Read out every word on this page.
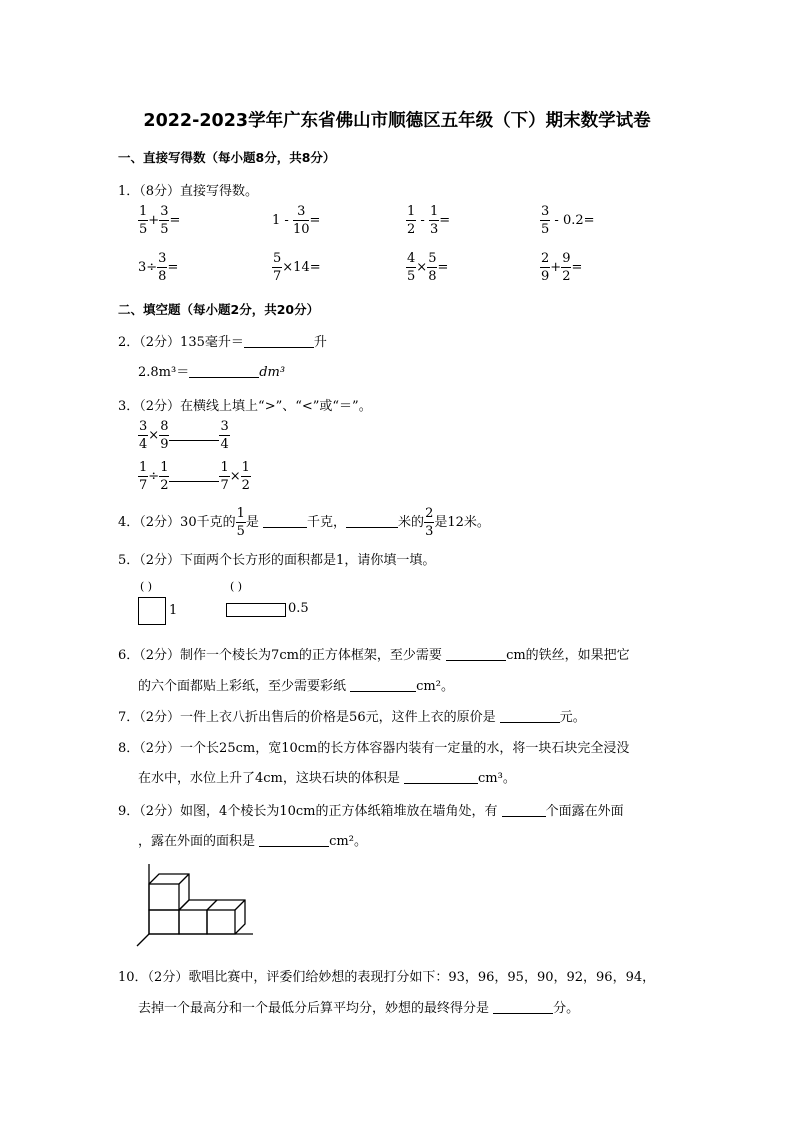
2022-2023学年广东省佛山市顺德区五年级（下）期末数学试卷
一、直接写得数（每小题8分，共8分）
1．（8分）直接写得数。
$\frac{1}{5} + \frac{3}{5}$ =	$1 - \frac{3}{10}$ =	$\frac{1}{2} - \frac{1}{3}$ =	$\frac{3}{5} - 0.2=$
$3\div \frac{3}{8}$ =	$\frac{5}{7} \times 14=$	$\frac{4}{5} \times \frac{5}{8}$ =	$\frac{2}{9} + \frac{9}{2}$ =
二、填空题（每小题2分，共20分）
2．（2分）135毫升＝	升
2.8m³＝	dm³
3．（2分）在横线上填上“>”、“<”或“＝”。
$\frac{3}{4} \times \frac{8}{9}$	$\frac{3}{4}$
$\frac{1}{7} \div \frac{1}{2}$	$\frac{1}{7} \times \frac{1}{2}$
4．（2分）30千克的 $\frac{1}{5}$ 是	千克，	米的 $\frac{2}{3}$ 是12米。
5．（2分）下面两个长方形的面积都是1，请你填一填。
( )	( )
1	0.5
6．（2分）制作一个棱长为7cm的正方体框架，至少需要	cm的铁丝，如果把它
的六个面都贴上彩纸，至少需要彩纸	cm²。
7．（2分）一件上衣八折出售后的价格是56元，这件上衣的原价是	元。
8．（2分）一个长25cm，宽10cm的长方体容器内装有一定量的水，将一块石块完全浸没
在水中，水位上升了4cm，这块石块的体积是	cm³。
9．（2分）如图，4个棱长为10cm的正方体纸箱堆放在墙角处，有	个面露在外面
，露在外面的面积是	cm²。
10．（2分）歌唱比赛中，评委们给妙想的表现打分如下：93，96，95，90，92，96，94，
去掉一个最高分和一个最低分后算平均分，妙想的最终得分是	分。
